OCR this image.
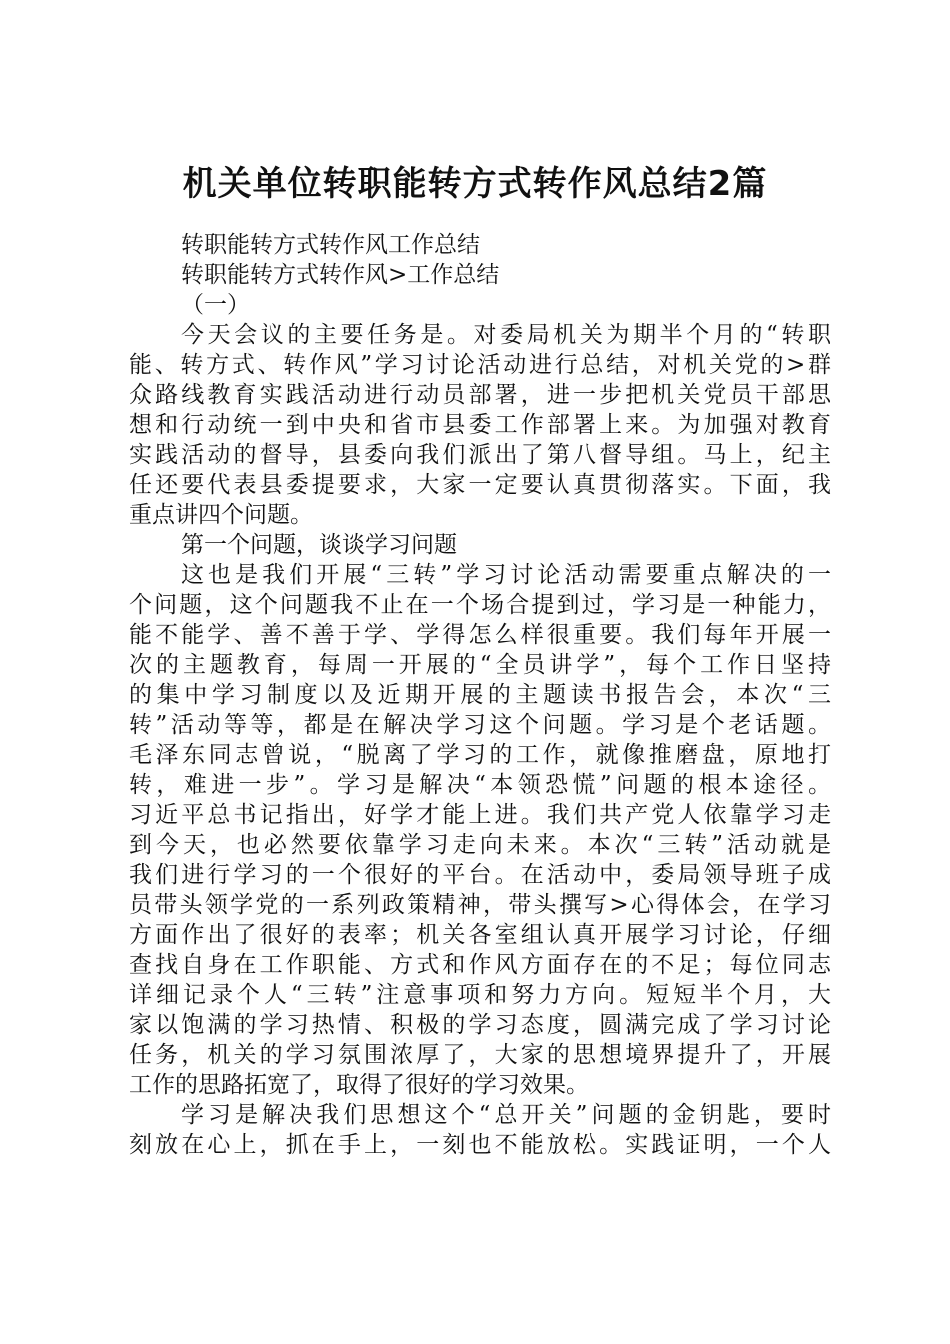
机关单位转职能转方式转作风总结2篇
转职能转方式转作风工作总结
转职能转方式转作风>工作总结
（一）
今天会议的主要任务是。对委局机关为期半个月的“转职
能、转方式、转作风”学习讨论活动进行总结，对机关党的>群
众路线教育实践活动进行动员部署，进一步把机关党员干部思
想和行动统一到中央和省市县委工作部署上来。为加强对教育
实践活动的督导，县委向我们派出了第八督导组。马上，纪主
任还要代表县委提要求，大家一定要认真贯彻落实。下面，我
重点讲四个问题。
第一个问题，谈谈学习问题
这也是我们开展“三转”学习讨论活动需要重点解决的一
个问题，这个问题我不止在一个场合提到过，学习是一种能力，
能不能学、善不善于学、学得怎么样很重要。我们每年开展一
次的主题教育，每周一开展的“全员讲学”，每个工作日坚持
的集中学习制度以及近期开展的主题读书报告会，本次“三
转”活动等等，都是在解决学习这个问题。学习是个老话题。
毛泽东同志曾说，“脱离了学习的工作，就像推磨盘，原地打
转，难进一步”。学习是解决“本领恐慌”问题的根本途径。
习近平总书记指出，好学才能上进。我们共产党人依靠学习走
到今天，也必然要依靠学习走向未来。本次“三转”活动就是
我们进行学习的一个很好的平台。在活动中，委局领导班子成
员带头领学党的一系列政策精神，带头撰写>心得体会，在学习
方面作出了很好的表率；机关各室组认真开展学习讨论，仔细
查找自身在工作职能、方式和作风方面存在的不足；每位同志
详细记录个人“三转”注意事项和努力方向。短短半个月，大
家以饱满的学习热情、积极的学习态度，圆满完成了学习讨论
任务，机关的学习氛围浓厚了，大家的思想境界提升了，开展
工作的思路拓宽了，取得了很好的学习效果。
学习是解决我们思想这个“总开关”问题的金钥匙，要时
刻放在心上，抓在手上，一刻也不能放松。实践证明，一个人
